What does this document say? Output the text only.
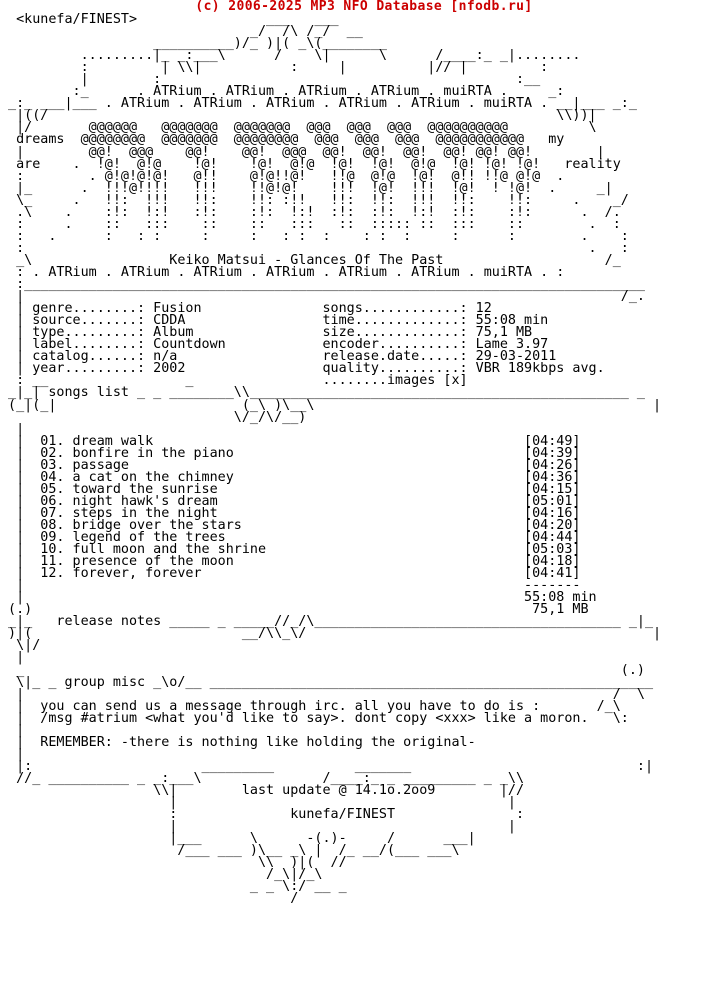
(c) 2006-2025 MP3 NFO Database [nfodb.ru]
<kunefa/FINEST>                ___   ___
_/  /\ /_/  __
__________)/_ )|( _\(________
.........|_ _:___\      /    \|      \      /____:_ _|........
:         | \\|           :     |          |// |         :
|        :                                            :__
:_      . ATRium . ATRium . ATRium . ATRium . muiRTA .     _:
_:_ ___|___ . ATRium . ATRium . ATRium . ATRium . ATRium . muiRTA . __|___ _:_
|((/                                                               \\))|
|/       @@@@@@   @@@@@@@  @@@@@@@  @@@  @@@  @@@  @@@@@@@@@@          \
dreams  @@@@@@@@  @@@@@@@  @@@@@@@@  @@@  @@@  @@@  @@@@@@@@@@@   my
|        @@!  @@@    @@!    @@!  @@@  @@!  @@!  @@!  @@! @@! @@!        |
are    .  !@!  @!@    !@!    !@!  @!@  !@!  !@!  @!@  !@! !@! !@!   reality
:        . @!@!@!@!   @!!    @!@!!@!   !!@  @!@  !@!  @!! !!@ @!@  .
|_      .  !!!@!!!!   !!!    !!@!@!    !!!  !@!  !!!  !@!  ! !@!  .     _|
\_     .   !!:  !!!   !!:    !!: :!!   !!:  !!:  !!!  !!:    !!:     .    _/
.\    .    :!:  !:!   :!:    :!:  !:!  :!:  :!:  !:!  :!:    :!:      .  /.
:     .    ::   :::    ::    ::   :::   ::  ::::: ::  :::    ::        .  :
:   .      :   : :     :     :   : :  :    : :  :     :      :        .    :
:                                                                      .   :
_\                 Keiko Matsui - Glances Of The Past                    /_
: . ATRium . ATRium . ATRium . ATRium . ATRium . ATRium . muiRTA . :
:_____________________________________________________________________________
|                                                                          /_.
| genre........: Fusion               songs............: 12
| source.......: CDDA                 time.............: 55:08 min
| type.........: Album                size.............: 75,1 MB
| label........: Countdown            encoder..........: Lame 3.97
| catalog......: n/a                  release.date.....: 29-03-2011
| year.........: 2002                 quality..........: VBR 189kbps avg.
: __                 _                ........images [x]
_|_| songs list _ _ ________\\_______________________________________________ _
(_|(_|                       (_\ )\__\                                          |
\/_/\/__)
|
|  01. dream walk                                              [04:49]
|  02. bonfire in the piano                                    [04:39]
|  03. passage                                                 [04:26]
|  04. a cat on the chimney                                    [04:36]
|  05. toward the sunrise                                      [04:15]
|  06. night hawk's dream                                      [05:01]
|  07. steps in the night                                      [04:16]
|  08. bridge over the stars                                   [04:20]
|  09. legend of the trees                                     [04:44]
|  10. full moon and the shrine                                [05:03]
|  11. presence of the moon                                    [04:18]
|  12. forever, forever                                        [04:41]
|                                                              -------
|                                                              55:08 min
(.)                                                              75,1 MB
_|_   release notes _____ _ _____//_/\______________________________________ _|_
)|(                          __/\\_\/                                           |
\|/
|
_                                                                          (.)
\|_ _ group misc _\o/__ _______________________________________________________
|                                                                         /  \
|  you can send us a message through irc. all you have to do is :       /_\
|  /msg #atrium <what you'd like to say>. dont copy <xxx> like a moron.   \:
|
|  REMEMBER: -there is nothing like holding the original-
|
|:                     _________          _______                            :|
//_ __________ _ _:___\               /____:_ _ _________ _ _\\
\\|        last update @ 14.1o.2oo9        |//
|                                         |
:              kunefa/FINEST               :
|                                         |
|___      \      -(.)-     /      ___|
/___ ___ )\__ _\ |  /_ __/(___ ___\
\\  )|(  //
/_\|/_\
_ _ \:/ __ _
/
